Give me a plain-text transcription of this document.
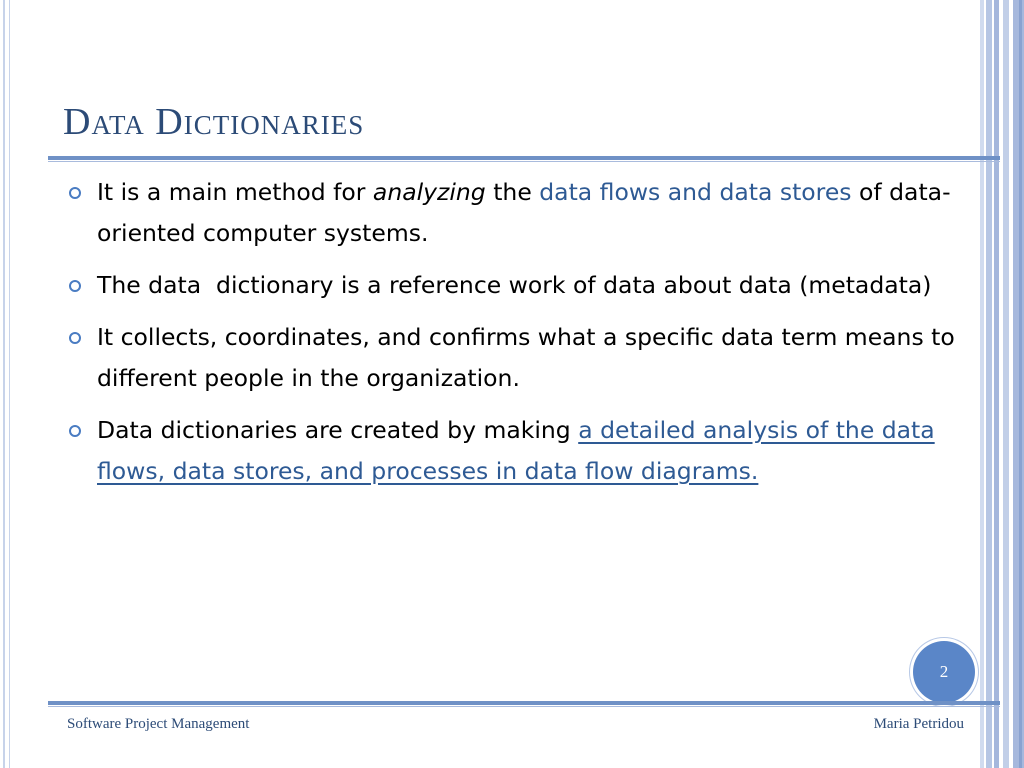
Data Dictionaries
It is a main method for analyzing the data flows and data stores of data-oriented computer systems.
The data  dictionary is a reference work of data about data (metadata)
It collects, coordinates, and confirms what a specific data term means to different people in the organization.
Data dictionaries are created by making a detailed analysis of the data flows, data stores, and processes in data flow diagrams.
2
Software Project Management	Maria Petridou
